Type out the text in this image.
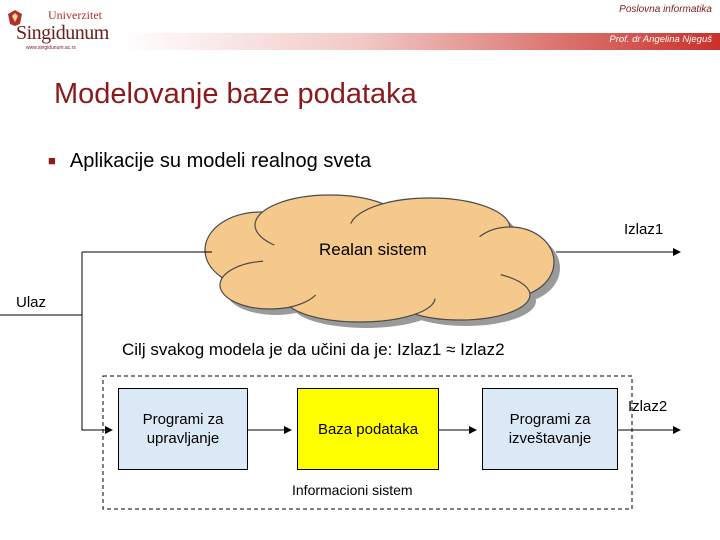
Univerzitet
Singidunum
www.singidunum.ac.rs
Poslovna informatika
Prof. dr Angelina Njeguš
Modelovanje baze podataka
■ Aplikacije su modeli realnog sveta
Realan sistem
Izlaz1
Ulaz
Cilj svakog modela je da učini da je: Izlaz1 ≈ Izlaz2
Izlaz2
Programi za upravljanje
Baza podataka
Programi za izveštavanje
Informacioni sistem
